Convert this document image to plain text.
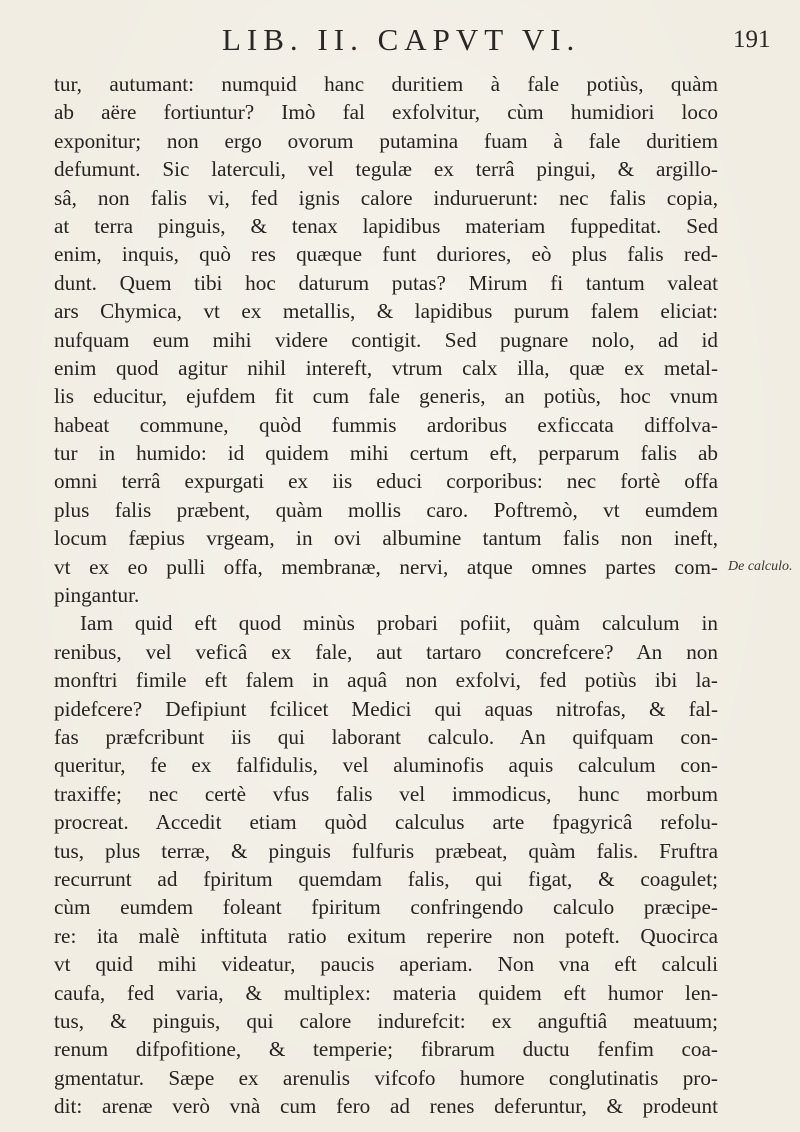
LIB. II. CAPVT VI.	191
tur, autumant: numquid hanc duritiem à fale potiùs, quàm
ab aëre fortiuntur? Imò fal exfolvitur, cùm humidiori loco
exponitur; non ergo ovorum putamina fuam à fale duritiem
defumunt. Sic laterculi, vel tegulæ ex terrâ pingui, & argillo-
sâ, non falis vi, fed ignis calore induruerunt: nec falis copia,
at terra pinguis, & tenax lapidibus materiam fuppeditat. Sed
enim, inquis, quò res quæque funt duriores, eò plus falis red-
dunt. Quem tibi hoc daturum putas? Mirum fi tantum valeat
ars Chymica, vt ex metallis, & lapidibus purum falem eliciat:
nufquam eum mihi videre contigit. Sed pugnare nolo, ad id
enim quod agitur nihil intereft, vtrum calx illa, quæ ex metal-
lis educitur, ejufdem fit cum fale generis, an potiùs, hoc vnum
habeat commune, quòd fummis ardoribus exficcata diffolva-
tur in humido: id quidem mihi certum eft, perparum falis ab
omni terrâ expurgati ex iis educi corporibus: nec fortè offa
plus falis præbent, quàm mollis caro. Poftremò, vt eumdem
locum fæpius vrgeam, in ovi albumine tantum falis non ineft,
vt ex eo pulli offa, membranæ, nervi, atque omnes partes com-
pingantur.
Iam quid eft quod minùs probari pofiit, quàm calculum in
renibus, vel veficâ ex fale, aut tartaro concrefcere? An non
monftri fimile eft falem in aquâ non exfolvi, fed potiùs ibi la-
pidefcere? Defipiunt fcilicet Medici qui aquas nitrofas, & fal-
fas præfcribunt iis qui laborant calculo. An quifquam con-
queritur, fe ex falfidulis, vel aluminofis aquis calculum con-
traxiffe; nec certè vfus falis vel immodicus, hunc morbum
procreat. Accedit etiam quòd calculus arte fpagyricâ refolu-
tus, plus terræ, & pinguis fulfuris præbeat, quàm falis. Fruftra
recurrunt ad fpiritum quemdam falis, qui figat, & coagulet;
cùm eumdem foleant fpiritum confringendo calculo præcipe-
re: ita malè inftituta ratio exitum reperire non poteft. Quocirca
vt quid mihi videatur, paucis aperiam. Non vna eft calculi
caufa, fed varia, & multiplex: materia quidem eft humor len-
tus, & pinguis, qui calore indurefcit: ex anguftiâ meatuum;
renum difpofitione, & temperie; fibrarum ductu fenfim coa-
gmentatur. Sæpe ex arenulis vifcofo humore conglutinatis pro-
dit: arenæ verò vnà cum fero ad renes deferuntur, & prodeunt
De calculo.
